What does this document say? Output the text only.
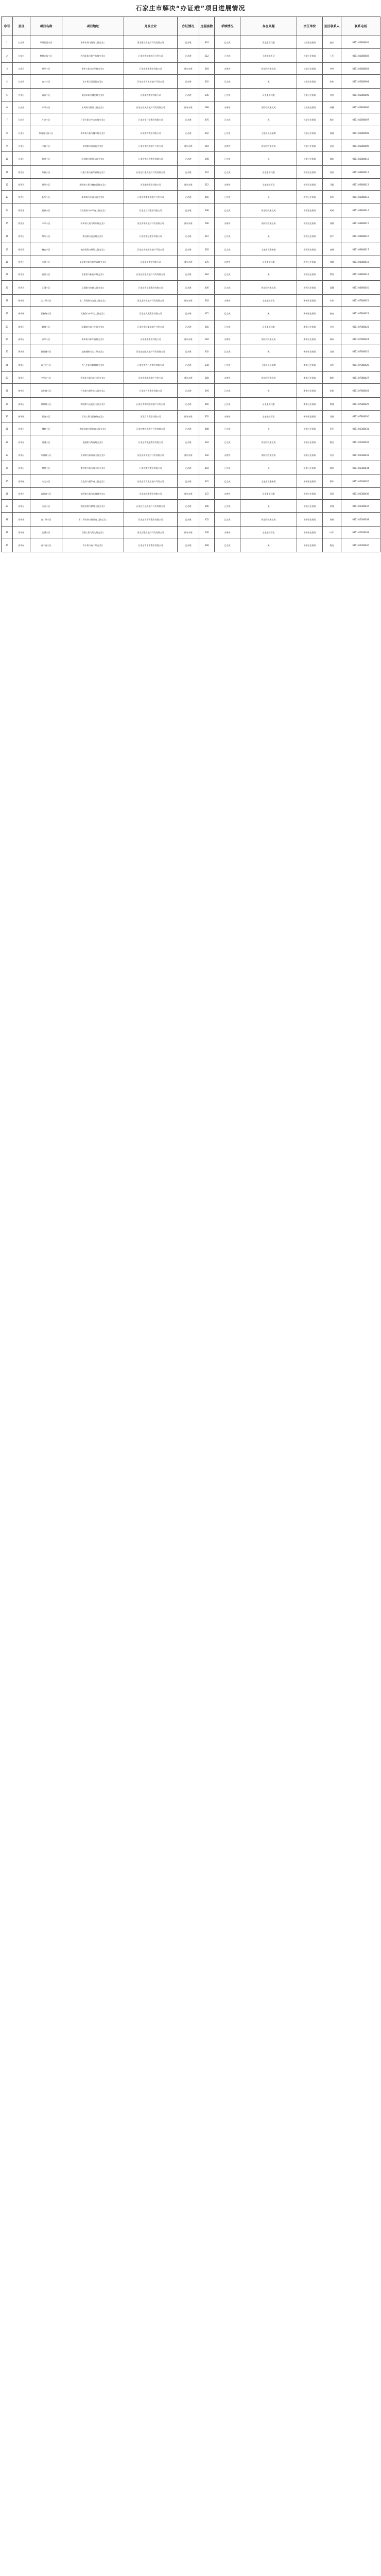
石家庄市解决“办证难”项目进展情况
序号	县区	项目名称	项目地址	开发企业	办证情况	房屋套数	手续情况	存在问题	责任单位	县区联系人	联系电话
1	长安区	翠屏花园小区	裕华东路与建设大街交叉口	河北建设房地产开发有限公司	已办理	616	已完成	历史遗留问题	长安区住建局	赵红	0311-85808001
2	长安区	胜利北街小区	胜利北街与和平东路交叉口	石家庄市城建综合开发公司	已办理	512	已完成	土地手续不全	长安区住建局	王军	0311-85808002
3	长安区	建华小区	建华大街与光华路交叉口	石家庄建华置业有限公司	部分办理	384	办理中	规划验收未完成	长安区住建局	李明	0311-85808003
4	长安区	育才小区	育才街与青园街交叉口	石家庄市育才房地产开发公司	已办理	420	已完成	无	长安区住建局	张伟	0311-85808004
5	长安区	谈固小区	谈固东街与槐安路交叉口	河北谈固置业有限公司	已办理	336	已完成	历史遗留问题	长安区住建局	刘洋	0311-85808005
6	长安区	东风小区	东风路与建设大街交叉口	石家庄东风房地产开发有限公司	部分办理	288	办理中	消防验收未完成	长安区住建局	陈静	0311-85808006
7	长安区	广安小区	广安大街与中山东路交叉口	石家庄市广安置业有限公司	已办理	476	已完成	无	长安区住建局	杨光	0311-85808007
8	长安区	体育南大街小区	体育南大街与槐中路交叉口	河北体育置业有限公司	已办理	352	已完成	土地出让金未缴	长安区住建局	周强	0311-85808008
9	长安区	丰收小区	丰收路与青园街交叉口	石家庄丰收房地产开发公司	部分办理	264	办理中	规划验收未完成	长安区住建局	吴丽	0311-85808009
10	长安区	跃进小区	跃进路与建设大街交叉口	石家庄市跃进置业有限公司	已办理	398	已完成	无	长安区住建局	郑凯	0311-85808010
11	桥西区	红旗小区	红旗大街与裕华西路交叉口	石家庄红旗房地产开发有限公司	已办理	544	已完成	历史遗留问题	桥西区住建局	孙涛	0311-86808011
12	桥西区	维明小区	维明南大街与槐安西路交叉口	河北维明置业有限公司	部分办理	312	办理中	土地手续不全	桥西区住建局	马超	0311-86808012
13	桥西区	新华小区	新华路与友谊大街交叉口	石家庄市新华房地产开发公司	已办理	456	已完成	无	桥西区住建局	朱红	0311-86808013
14	桥西区	石获小区	石获南路与中华南大街交叉口	石家庄石获置业有限公司	已办理	368	已完成	规划验收未完成	桥西区住建局	胡斌	0311-86808014
15	桥西区	中华小区	中华南大街与塔坛路交叉口	河北中华房地产开发有限公司	部分办理	296	办理中	消防验收未完成	桥西区住建局	郭敏	0311-86808015
16	桥西区	塔坛小区	塔坛路与仓安路交叉口	石家庄塔坛置业有限公司	已办理	412	已完成	无	桥西区住建局	何平	0311-86808016
17	桥西区	槐安小区	槐安西路与维明大街交叉口	石家庄市槐安房地产开发公司	已办理	328	已完成	土地出让金未缴	桥西区住建局	高峰	0311-86808017
18	桥西区	友谊小区	友谊南大街与裕华西路交叉口	河北友谊置业有限公司	部分办理	276	办理中	历史遗留问题	桥西区住建局	林霞	0311-86808018
19	桥西区	西里小区	西里街与新石中路交叉口	石家庄西里房地产开发有限公司	已办理	384	已完成	无	桥西区住建局	罗刚	0311-86808019
20	桥西区	汇通小区	汇通路与红旗大街交叉口	石家庄市汇通置业有限公司	已办理	436	已完成	规划验收未完成	桥西区住建局	梁静	0311-86808020
21	新华区	北二环小区	北二环西路与友谊大街交叉口	河北北环房地产开发有限公司	部分办理	318	办理中	土地手续不全	新华区住建局	宋伟	0311-87808021
22	新华区	民族路小区	民族路与中华北大街交叉口	石家庄民族置业有限公司	已办理	472	已完成	无	新华区住建局	唐亮	0311-87808022
23	新华区	联盟小区	联盟路与西三庄街交叉口	石家庄市联盟房地产开发公司	已办理	356	已完成	历史遗留问题	新华区住建局	许芳	0311-87808023
24	新华区	泰华小区	泰华街与和平西路交叉口	河北泰华置业有限公司	部分办理	284	办理中	消防验收未完成	新华区住建局	韩冰	0311-87808024
25	新华区	赵陵铺小区	赵陵铺路与北二环交叉口	石家庄赵陵房地产开发有限公司	已办理	402	已完成	无	新华区住建局	冯刚	0311-87808025
26	新华区	西三庄小区	西三庄街与联盟路交叉口	石家庄市西三庄置业有限公司	已办理	338	已完成	土地出让金未缴	新华区住建局	邓华	0311-87808026
27	新华区	中华北小区	中华北大街与北二环交叉口	河北中华北房地产开发公司	部分办理	268	办理中	规划验收未完成	新华区住建局	曹阳	0311-87808027
28	新华区	合作路小区	合作路与建华北大街交叉口	石家庄合作置业有限公司	已办理	394	已完成	无	新华区住建局	彭丽	0311-87808028
29	新华区	钢铁路小区	钢铁路与友谊北大街交叉口	石家庄市钢铁路房地产开发公司	已办理	446	已完成	历史遗留问题	新华区住建局	曾强	0311-87808029
30	新华区	石岗小区	石岗大街与民族路交叉口	河北石岗置业有限公司	部分办理	302	办理中	土地手续不全	新华区住建局	肖敏	0311-87808030
31	裕华区	槐底小区	槐安东路与建设南大街交叉口	石家庄槐底房地产开发有限公司	已办理	488	已完成	无	裕华区住建局	田军	0311-85308031
32	裕华区	建通小区	建通街与塔南路交叉口	石家庄市建通置业有限公司	已办理	364	已完成	规划验收未完成	裕华区住建局	董亮	0311-85308032
33	裕华区	东岗路小区	东岗路与体育南大街交叉口	河北东岗房地产开发有限公司	部分办理	292	办理中	消防验收未完成	裕华区住建局	袁芳	0311-85308033
34	裕华区	翟营小区	翟营南大街与南二环交叉口	石家庄翟营置业有限公司	已办理	418	已完成	无	裕华区住建局	潘伟	0311-85308034
35	裕华区	方北小区	方北路与建华南大街交叉口	石家庄市方北房地产开发公司	已办理	342	已完成	土地出让金未缴	裕华区住建局	蒋华	0311-85308035
36	裕华区	谈固南小区	谈固南大街与东岗路交叉口	河北谈固南置业有限公司	部分办理	272	办理中	历史遗留问题	裕华区住建局	蔡丽	0311-85308036
37	裕华区	万达小区	槐安东路与翟营大街交叉口	石家庄万达房地产开发有限公司	已办理	396	已完成	无	裕华区住建局	余强	0311-85308037
38	裕华区	南二环小区	南二环东路与建设南大街交叉口	石家庄市南环置业有限公司	已办理	452	已完成	规划验收未完成	裕华区住建局	杜敏	0311-85308038
39	裕华区	富强小区	富强大街与塔北路交叉口	河北富强房地产开发有限公司	部分办理	308	办理中	土地手续不全	裕华区住建局	叶军	0311-85308039
40	裕华区	育才南小区	育才街与南二环交叉口	石家庄育才南置业有限公司	已办理	468	已完成	无	裕华区住建局	程亮	0311-85308040
